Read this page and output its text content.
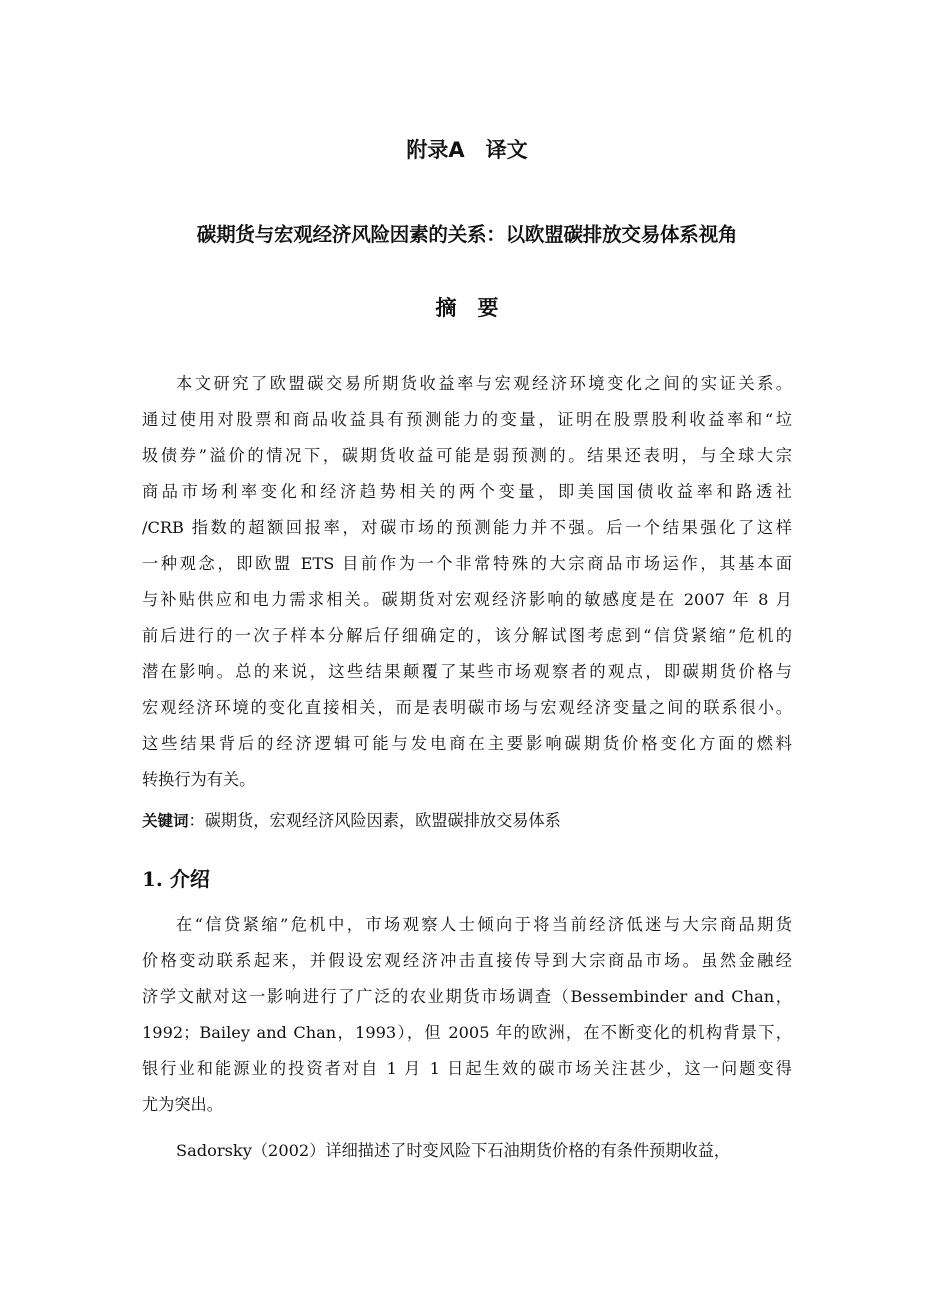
附录A　译文
碳期货与宏观经济风险因素的关系：以欧盟碳排放交易体系视角
摘　要
本文研究了欧盟碳交易所期货收益率与宏观经济环境变化之间的实证关系。
通过使用对股票和商品收益具有预测能力的变量，证明在股票股利收益率和“垃
圾债券”溢价的情况下，碳期货收益可能是弱预测的。结果还表明，与全球大宗
商品市场利率变化和经济趋势相关的两个变量，即美国国债收益率和路透社
/CRB 指数的超额回报率，对碳市场的预测能力并不强。后一个结果强化了这样
一种观念，即欧盟 ETS 目前作为一个非常特殊的大宗商品市场运作，其基本面
与补贴供应和电力需求相关。碳期货对宏观经济影响的敏感度是在 2007 年 8 月
前后进行的一次子样本分解后仔细确定的，该分解试图考虑到“信贷紧缩”危机的
潜在影响。总的来说，这些结果颠覆了某些市场观察者的观点，即碳期货价格与
宏观经济环境的变化直接相关，而是表明碳市场与宏观经济变量之间的联系很小。
这些结果背后的经济逻辑可能与发电商在主要影响碳期货价格变化方面的燃料
转换行为有关。
关键词：碳期货，宏观经济风险因素，欧盟碳排放交易体系
1. 介绍
在“信贷紧缩”危机中，市场观察人士倾向于将当前经济低迷与大宗商品期货
价格变动联系起来，并假设宏观经济冲击直接传导到大宗商品市场。虽然金融经
济学文献对这一影响进行了广泛的农业期货市场调查（Bessembinder and Chan，
1992；Bailey and Chan，1993），但 2005 年的欧洲，在不断变化的机构背景下，
银行业和能源业的投资者对自 1 月 1 日起生效的碳市场关注甚少，这一问题变得
尤为突出。
Sadorsky（2002）详细描述了时变风险下石油期货价格的有条件预期收益，
